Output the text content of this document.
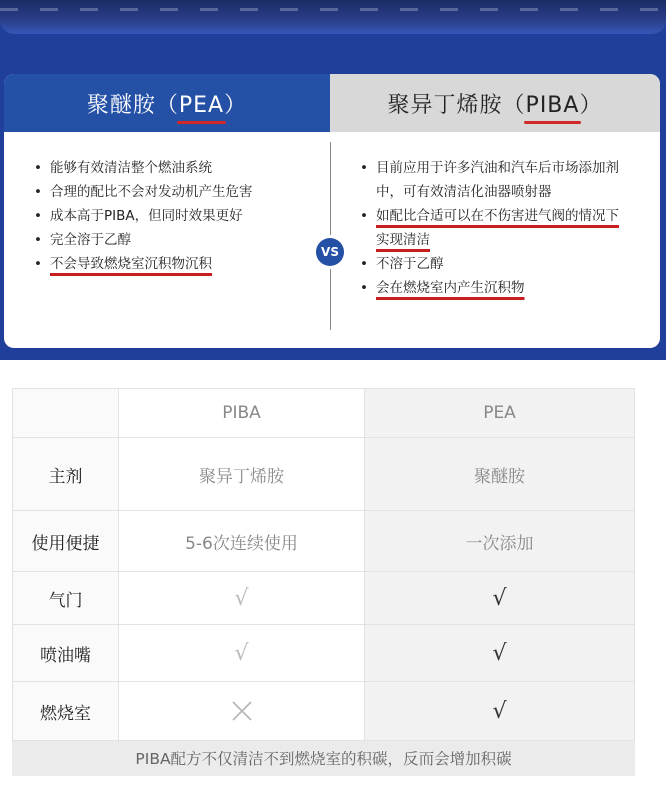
聚醚胺（PEA）	聚异丁烯胺（PIBA）
• 能够有效清洁整个燃油系统
• 合理的配比不会对发动机产生危害
• 成本高于PIBA，但同时效果更好
• 完全溶于乙醇
• 不会导致燃烧室沉积物沉积
VS
• 目前应用于许多汽油和汽车后市场添加剂中，可有效清洁化油器喷射器
• 如配比合适可以在不伤害进气阀的情况下实现清洁
• 不溶于乙醇
• 会在燃烧室内产生沉积物
	PIBA	PEA
主剂	聚异丁烯胺	聚醚胺
使用便捷	5-6次连续使用	一次添加
气门	√	√
喷油嘴	√	√
燃烧室		√
PIBA配方不仅清洁不到燃烧室的积碳，反而会增加积碳		
